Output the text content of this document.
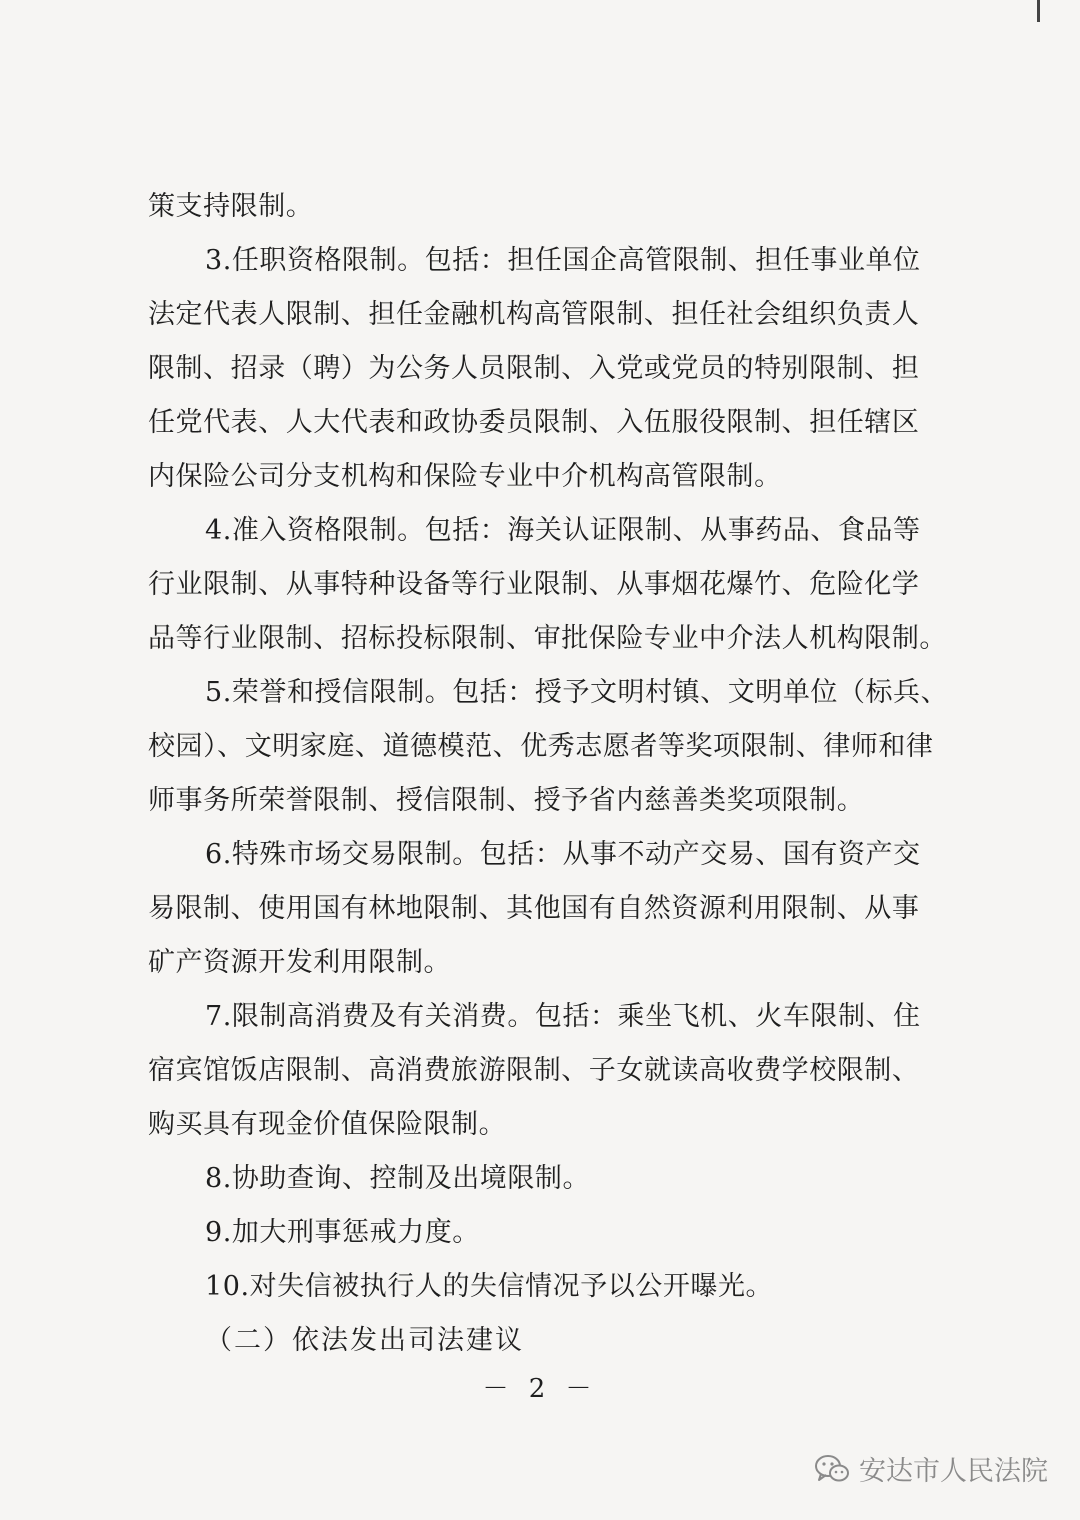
策支持限制。
3.任职资格限制。包括：担任国企高管限制、担任事业单位
法定代表人限制、担任金融机构高管限制、担任社会组织负责人
限制、招录（聘）为公务人员限制、入党或党员的特别限制、担
任党代表、人大代表和政协委员限制、入伍服役限制、担任辖区
内保险公司分支机构和保险专业中介机构高管限制。
4.准入资格限制。包括：海关认证限制、从事药品、食品等
行业限制、从事特种设备等行业限制、从事烟花爆竹、危险化学
品等行业限制、招标投标限制、审批保险专业中介法人机构限制。
5.荣誉和授信限制。包括：授予文明村镇、文明单位（标兵、
校园）、文明家庭、道德模范、优秀志愿者等奖项限制、律师和律
师事务所荣誉限制、授信限制、授予省内慈善类奖项限制。
6.特殊市场交易限制。包括：从事不动产交易、国有资产交
易限制、使用国有林地限制、其他国有自然资源利用限制、从事
矿产资源开发利用限制。
7.限制高消费及有关消费。包括：乘坐飞机、火车限制、住
宿宾馆饭店限制、高消费旅游限制、子女就读高收费学校限制、
购买具有现金价值保险限制。
8.协助查询、控制及出境限制。
9.加大刑事惩戒力度。
10.对失信被执行人的失信情况予以公开曝光。
（二）依法发出司法建议
－ 2 －
安达市人民法院
